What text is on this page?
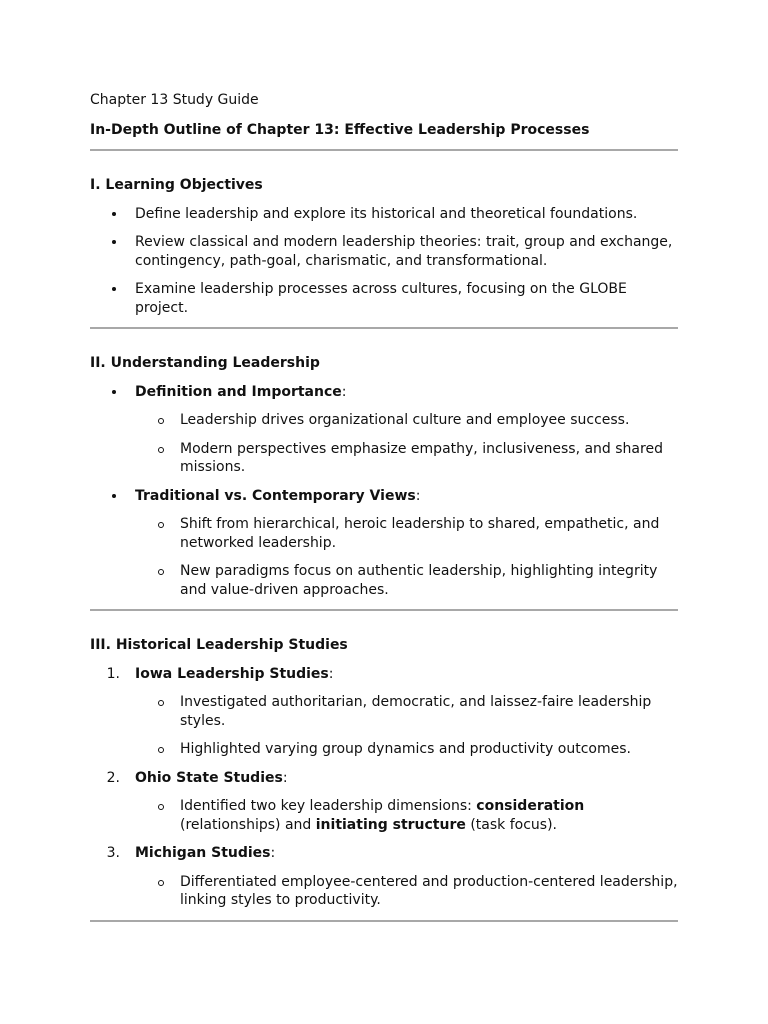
Chapter 13 Study Guide

In-Depth Outline of Chapter 13: Effective Leadership Processes

I. Learning Objectives

Define leadership and explore its historical and theoretical foundations.
Review classical and modern leadership theories: trait, group and exchange, contingency, path-goal, charismatic, and transformational.
Examine leadership processes across cultures, focusing on the GLOBE project.

II. Understanding Leadership

Definition and Importance:
Leadership drives organizational culture and employee success.
Modern perspectives emphasize empathy, inclusiveness, and shared missions.
Traditional vs. Contemporary Views:
Shift from hierarchical, heroic leadership to shared, empathetic, and networked leadership.
New paradigms focus on authentic leadership, highlighting integrity and value-driven approaches.

III. Historical Leadership Studies

1. Iowa Leadership Studies:
Investigated authoritarian, democratic, and laissez-faire leadership styles.
Highlighted varying group dynamics and productivity outcomes.
2. Ohio State Studies:
Identified two key leadership dimensions: consideration (relationships) and initiating structure (task focus).
3. Michigan Studies:
Differentiated employee-centered and production-centered leadership, linking styles to productivity.
